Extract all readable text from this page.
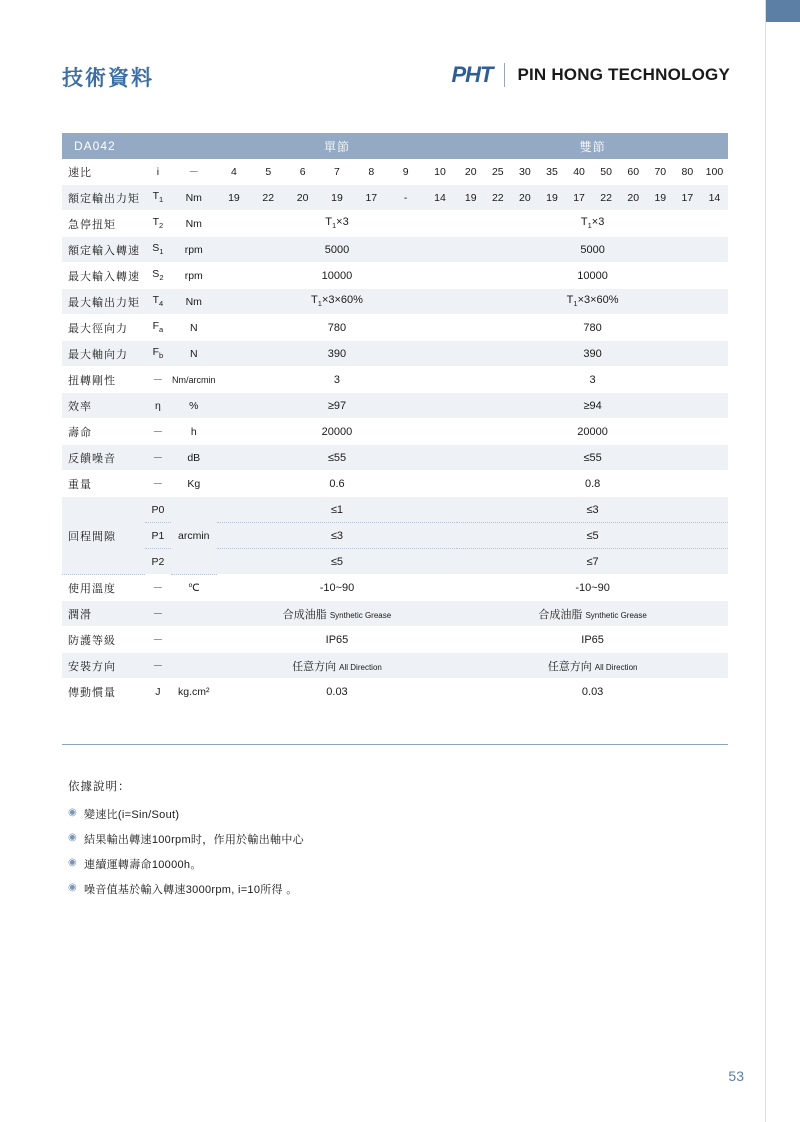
技術資料	PHT PIN HONG TECHNOLOGY
DA042			單節	雙節
速比	i	－	4	5	6	7	8	9	10	20	25	30	35	40	50	60	70	80	100

額定輸出力矩	$T_1$	Nm	19	22	20	19	17	-	14	19	22	20	19	17	22	20	19	17	14

急停扭矩	$T_2$	Nm	$T_1\times 3$	$T_1\times 3$
額定輸入轉速	$S_1$	rpm	5000	5000
最大輸入轉速	$S_2$	rpm	10000	10000
最大輸出力矩	$T_4$	Nm	$T_1\times 3\times 60\%$	$T_1\times 3\times 60\%$
最大徑向力	$F_a$	N	780	780
最大軸向力	$F_b$	N	390	390
扭轉剛性	－	Nm/arcmin	3	3
效率	η	%	≥97	≥94
壽命	－	h	20000	20000
反饋噪音	－	dB	≤55	≤55
重量	－	Kg	0.6	0.8
回程間隙	P0	arcmin	≤1	≤3
	P1		≤3	≤5
	P2		≤5	≤7
使用溫度	－	℃	-10~90	-10~90
潤滑	－		合成油脂 Synthetic Grease	合成油脂 Synthetic Grease
防護等級	－		IP65	IP65
安裝方向	－		任意方向 All Direction	任意方向 All Direction
傳動慣量	J	kg.cm²	0.03	0.03
依據說明：
◉ 變速比(i=Sin/Sout)
◉ 結果輸出轉速100rpm时，作用於輸出軸中心
◉ 連續運轉壽命10000h。
◉ 噪音值基於輸入轉速3000rpm, i=10所得 。
53
